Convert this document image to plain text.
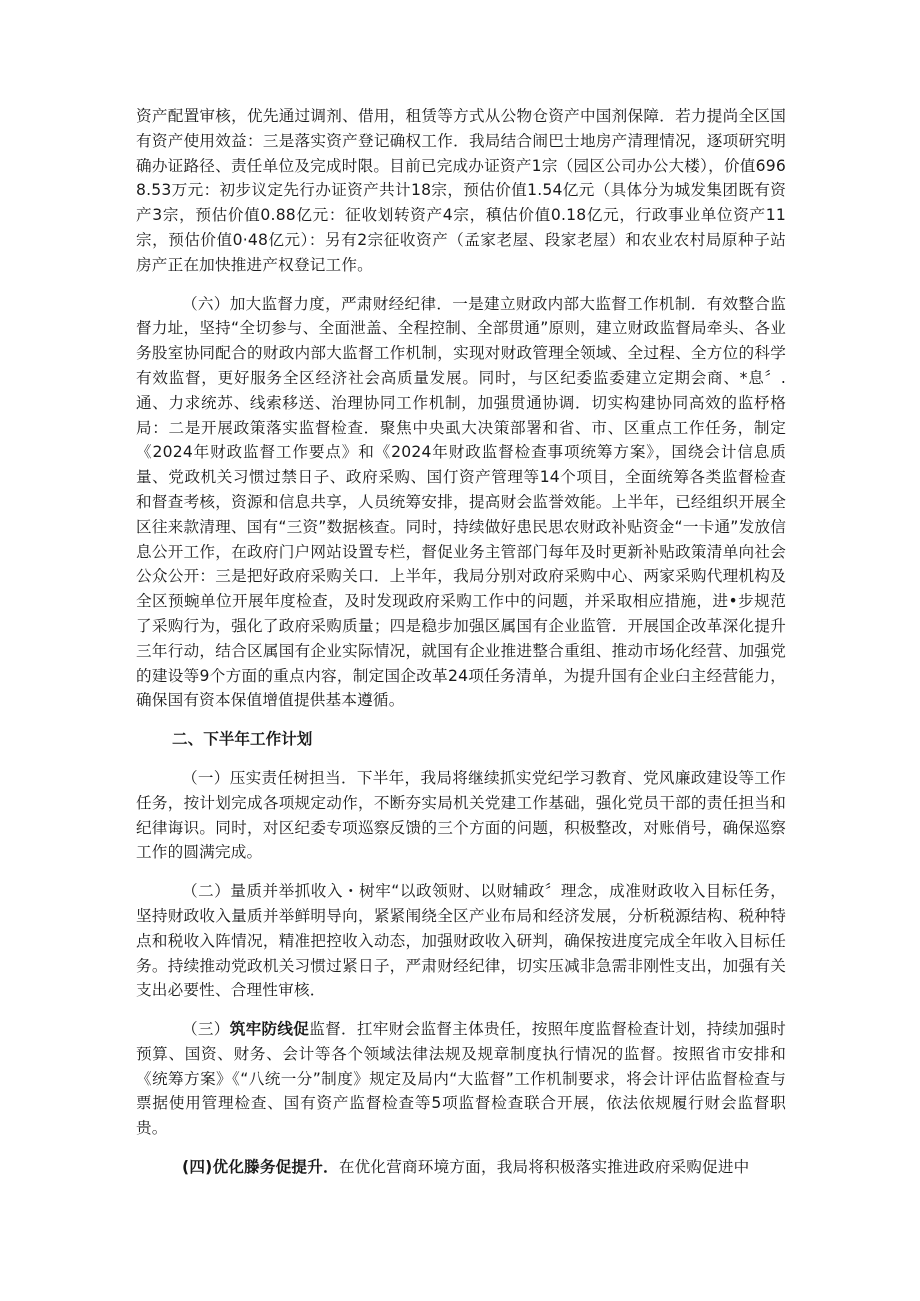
资产配置审核，优先通过调剂、借用，租赁等方式从公物仓资产中国剂保障．若力提尚全区国有资产使用效益：三是落实资产登记确权工作．我局结合闹巴士地房产清理情况，逐项研究明确办证路径、责任单位及完成时限。目前已完成办证资产1宗（园区公司办公大楼），价值6968.53万元：初步议定先行办证资产共计18宗，预估价值1.54亿元（具体分为城发集团既有资产3宗，预估价值0.88亿元：征收划转资产4宗，稹估价值0.18亿元，行政事业单位资产11宗，预估价值0·48亿元）：另有2宗征收资产（孟家老屋、段家老屋）和农业农村局原种子站房产正在加快推进产权登记工作。

（六）加大监督力度，严肃财经纪律．一是建立财政内部大监督工作机制．有效整合监督力址，坚持“全切参与、全面泄盖、全程控制、全部贯通”原则，建立财政监督局牵头、各业务股室协同配合的财政内部大监督工作机制，实现对财政管理全领域、全过程、全方位的科学有效监督，更好服务全区经济社会高质量发展。同时，与区纪委监委建立定期会商、*息〞.通、力求统苏、线索移送、治理协同工作机制，加强贯通协调．切实构建协同高效的监杼格局：二是开展政策落实监督检查．聚焦中央虱大决策部署和省、市、区重点工作任务，制定《2024年财政监督工作要点》和《2024年财政监督检查事项统筹方案》，国绕会计信息质量、党政机关习惯过禁日子、政府采购、国仃资产管理等14个项目，全面统筹各类监督检查和督查考核，资源和信息共享，人员统筹安排，提高财会监誉效能。上半年，已经组织开展全区往来款清理、国有“三资”数据核查。同时，持续做好患民思农财政补贴资金“一卡通”发放信息公开工作，在政府门户网站设置专栏，督促业务主管部门每年及时更新补贴政策清单向社会公众公开：三是把好政府采购关口．上半年，我局分别对政府采购中心、两家采购代理机构及全区预蜿单位开展年度检查，及时发现政府采购工作中的问题，并采取相应措施，进•步规范了采购行为，强化了政府采购质量；四是稳步加强区属国有企业监管．开展国企改革深化提升三年行动，结合区属国有企业实际情况，就国有企业推进整合重组、推动市场化经营、加强党的建设等9个方面的重点内容，制定国企改革24项任务清单，为提升国有企业臼主经营能力，确保国有资本保值增值提供基本遵循。

二、下半年工作计划

（一）压实责任树担当．下半年，我局将继续抓实党纪学习教育、党风廉政建设等工作任务，按计划完成各项规定动作，不断夯实局机关党建工作基础，强化党员干部的责任担当和纪律诲识。同时，对区纪委专项巡察反馈的三个方面的问题，积极整改，对账俏号，确保巡察工作的圆满完成。

（二）量质并举抓收入・树牢“以政领财、以财辅政〞理念，成准财政收入目标任务，坚持财政收入量质并举鲜明导向，紧紧闱绕全区产业布局和经济发展，分析税源结构、税种特点和税收入阵情况，精准把控收入动态，加强财政收入研判，确保按进度完成全年收入目标任务。持续推动党政机关习惯过紧日子，严肃财经纪律，切实压减非急需非刚性支出，加强有关支出必要性、合理性审核．

（三）筑牢防线促监督．扛牢财会监督主体贵任，按照年度监督检查计划，持续加强时预算、国资、财务、会计等各个领域法律法规及规章制度执行情况的监督。按照省市安排和《统筹方案》《“八统一分”制度》规定及局内“大监督”工作机制要求，将会计评估监督检查与票据使用管理检查、国有资产监督检查等5项监督检查联合开展，依法依规履行财会监督职贵。

(四)优化滕务促提升．在优化营商环境方面，我局将积极落实推进政府采购促进中
